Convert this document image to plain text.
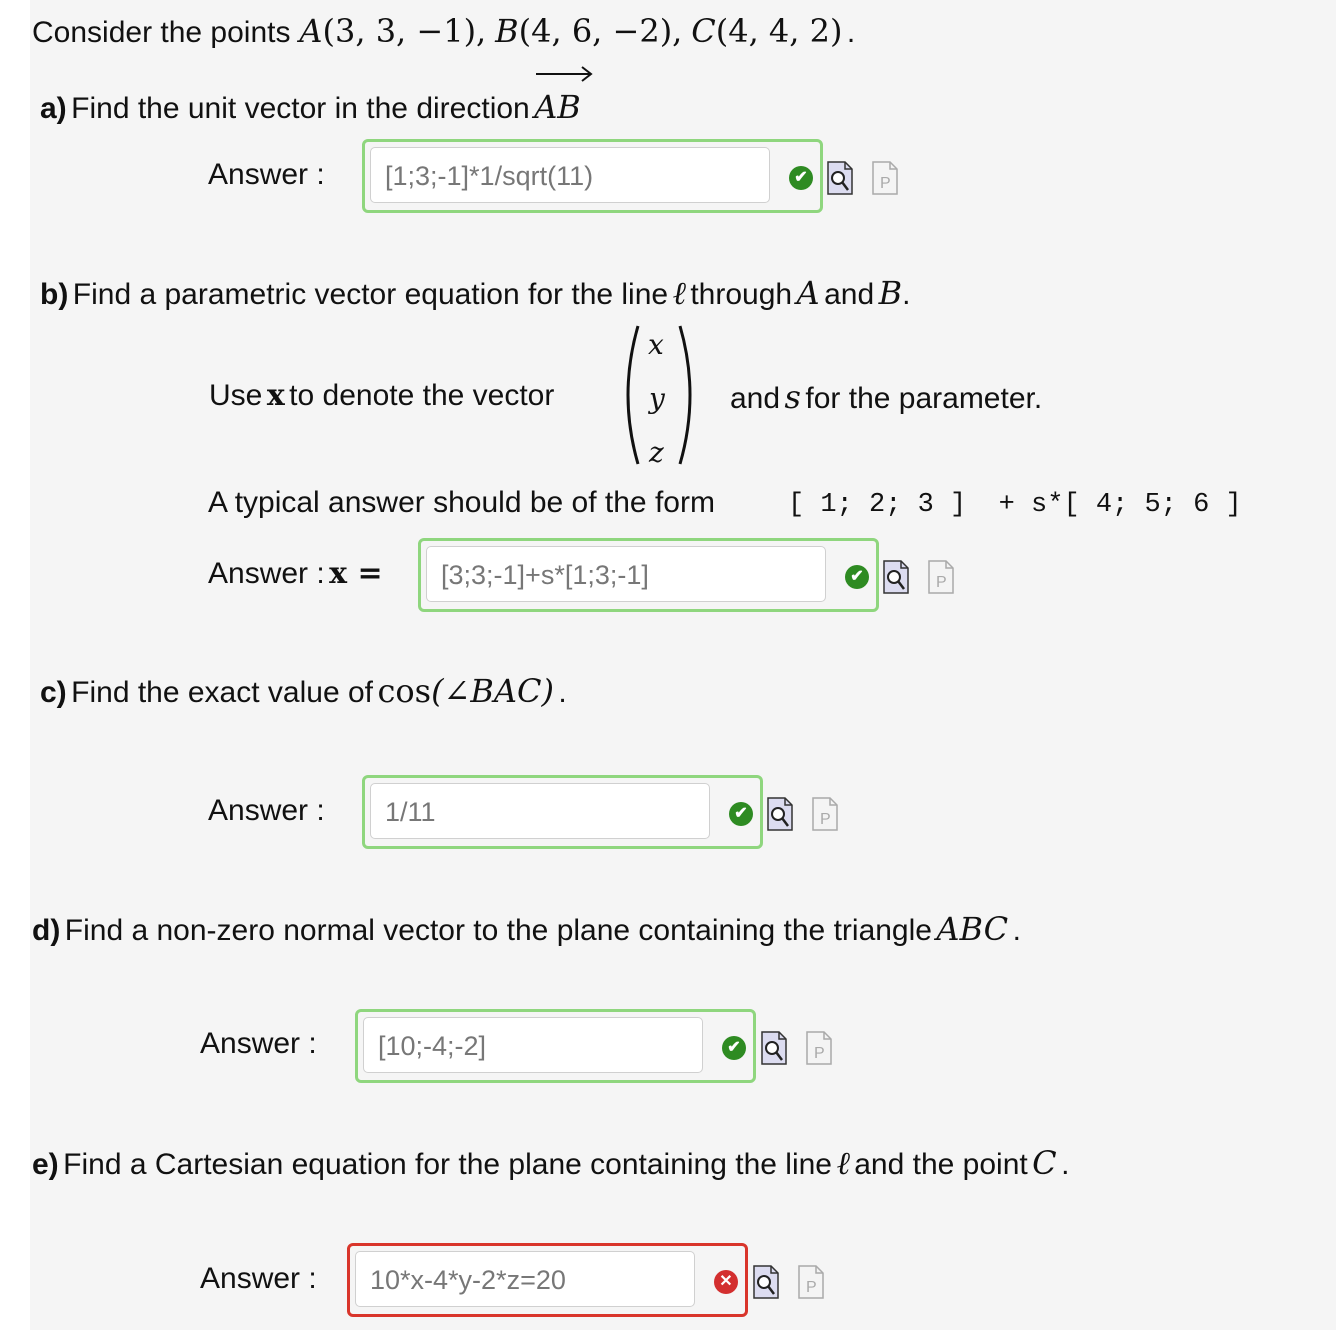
Consider the points A(3, 3, −1), B(4, 6, −2), C(4, 4, 2) .
a) Find the unit vector in the direction AB
Answer :	[1;3;-1]*1/sqrt(11)	✔
b) Find a parametric vector equation for the line ℓ through A and B.
Use x to denote the vector
x
y
z
and s for the parameter.
A typical answer should be of the form	[ 1; 2; 3 ]  + s*[ 4; 5; 6 ]
Answer : x =	[3;3;-1]+s*[1;3;-1]	✔
c) Find the exact value of cos(∠BAC) .
Answer :	1/11	✔
d) Find a non-zero normal vector to the plane containing the triangle ABC .
Answer :	[10;-4;-2]	✔
e) Find a Cartesian equation for the plane containing the line ℓ and the point C .
Answer :	10*x-4*y-2*z=20	✕
P
P
P
P
P
